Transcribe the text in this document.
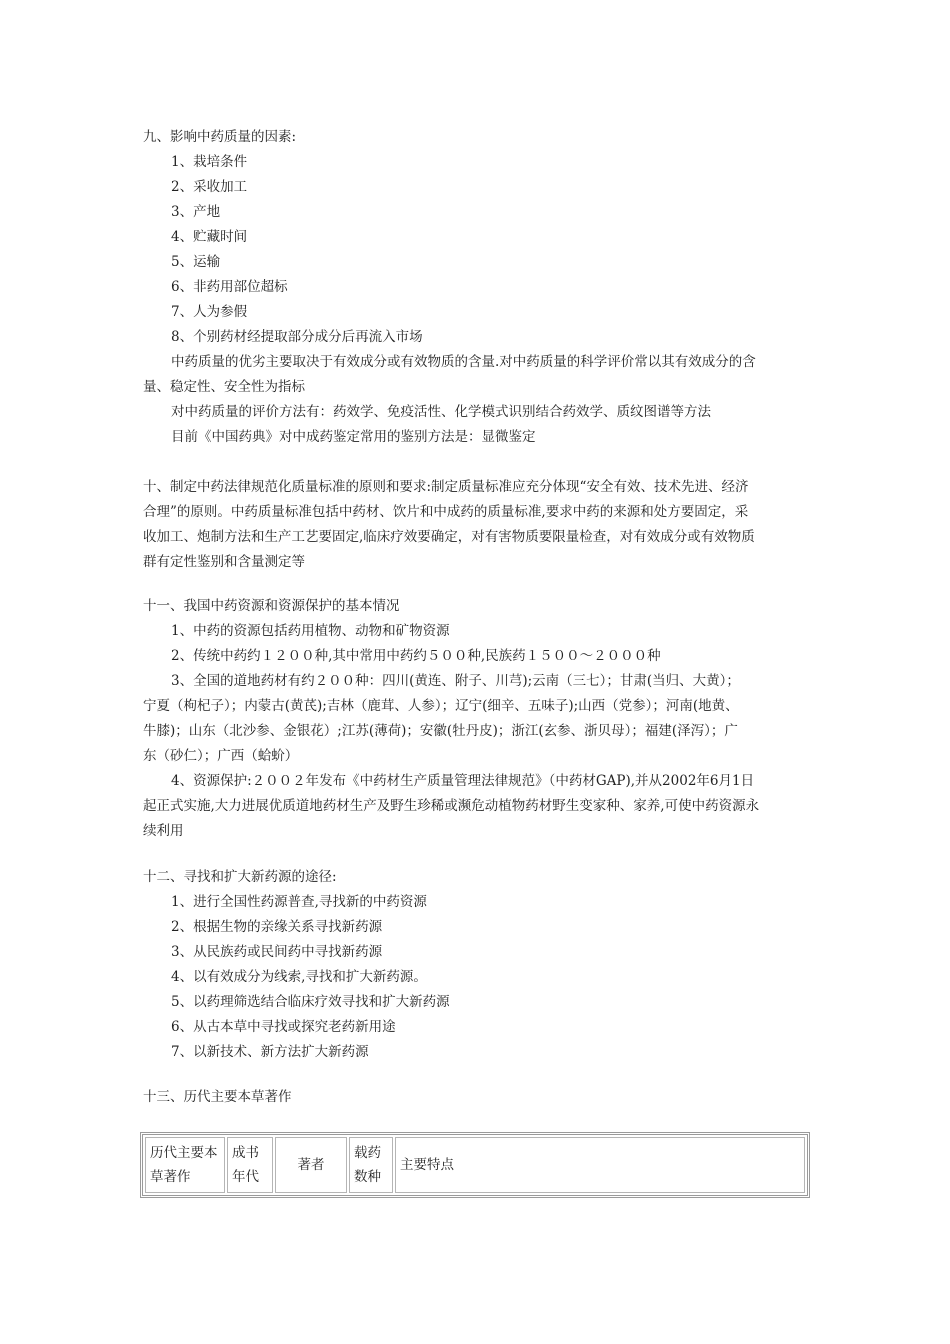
九、影响中药质量的因素:
1、栽培条件
2、采收加工
3、产地
4、贮藏时间
5、运输
6、非药用部位超标
7、人为参假
8、个别药材经提取部分成分后再流入市场
中药质量的优劣主要取决于有效成分或有效物质的含量.对中药质量的科学评价常以其有效成分的含
量、稳定性、安全性为指标
对中药质量的评价方法有：药效学、免疫活性、化学模式识别结合药效学、质纹图谱等方法
目前《中国药典》对中成药鉴定常用的鉴别方法是：显微鉴定
十、制定中药法律规范化质量标准的原则和要求:制定质量标准应充分体现“安全有效、技术先进、经济
合理”的原则。中药质量标准包括中药材、饮片和中成药的质量标准,要求中药的来源和处方要固定，采
收加工、炮制方法和生产工艺要固定,临床疗效要确定，对有害物质要限量检查，对有效成分或有效物质
群有定性鉴别和含量测定等
十一、我国中药资源和资源保护的基本情况
1、中药的资源包括药用植物、动物和矿物资源
2、传统中药约１２００种,其中常用中药约５００种,民族药１５００～２０００种
3、全国的道地药材有约２００种：四川(黄连、附子、川芎);云南（三七）；甘肃(当归、大黄）；
宁夏（枸杞子）；内蒙古(黄芪);吉林（鹿茸、人参）；辽宁(细辛、五味子);山西（党参）；河南(地黄、
牛膝)；山东（北沙参、金银花）;江苏(薄荷)；安徽(牡丹皮)；浙江(玄参、浙贝母）；福建(泽泻）；广
东（砂仁）；广西（蛤蚧）
4、资源保护:２００２年发布《中药材生产质量管理法律规范》（中药材GAP),并从2002年6月1日
起正式实施,大力进展优质道地药材生产及野生珍稀或濒危动植物药材野生变家种、家养,可使中药资源永
续利用
十二、寻找和扩大新药源的途径:
1、进行全国性药源普查,寻找新的中药资源
2、根据生物的亲缘关系寻找新药源
3、从民族药或民间药中寻找新药源
4、以有效成分为线索,寻找和扩大新药源。
5、以药理筛选结合临床疗效寻找和扩大新药源
6、从古本草中寻找或探究老药新用途
7、以新技术、新方法扩大新药源
十三、历代主要本草著作
历代主要本草著作	成书年代	著者	载药数种	主要特点
